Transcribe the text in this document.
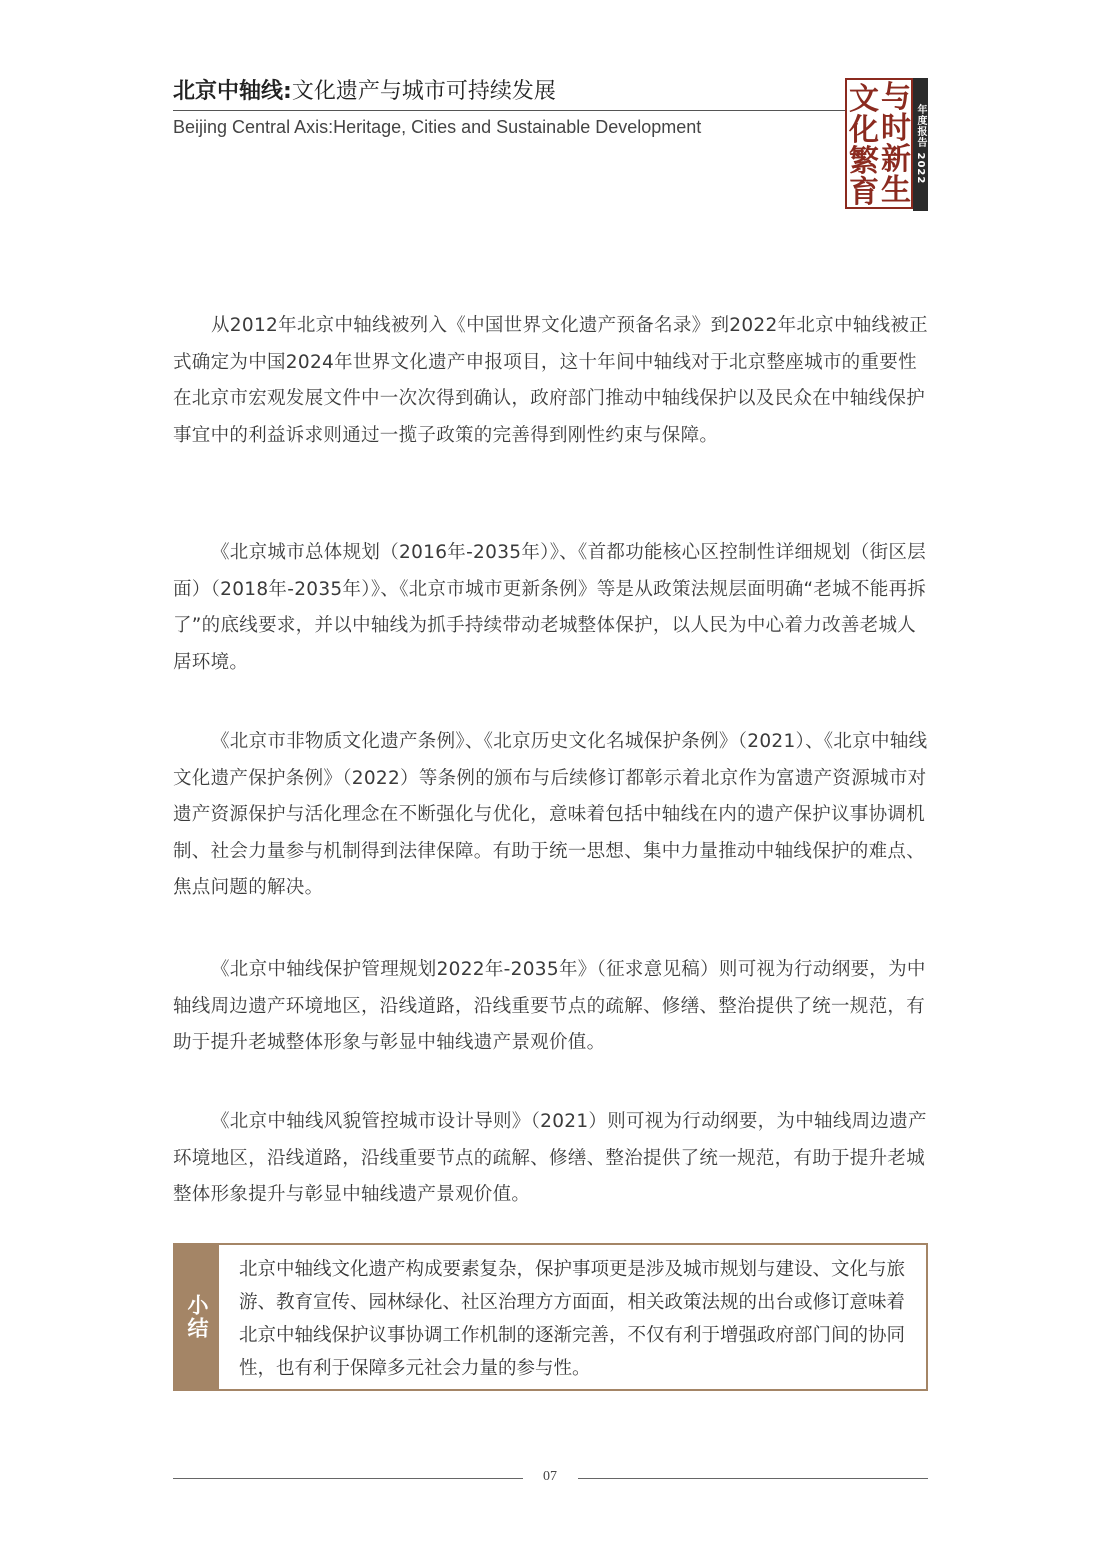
北京中轴线:文化遗产与城市可持续发展
Beijing Central Axis:Heritage, Cities and Sustainable Development
与
时
新
生
文
化
繁
育
年度报告 2022

从2012年北京中轴线被列入《中国世界文化遗产预备名录》到2022年北京中轴线被正式确定为中国2024年世界文化遗产申报项目，这十年间中轴线对于北京整座城市的重要性在北京市宏观发展文件中一次次得到确认，政府部门推动中轴线保护以及民众在中轴线保护事宜中的利益诉求则通过一揽子政策的完善得到刚性约束与保障。

《北京城市总体规划（2016年-2035年）》、《首都功能核心区控制性详细规划（街区层面）（2018年-2035年）》、《北京市城市更新条例》等是从政策法规层面明确“老城不能再拆了”的底线要求，并以中轴线为抓手持续带动老城整体保护，以人民为中心着力改善老城人居环境。

《北京市非物质文化遗产条例》、《北京历史文化名城保护条例》（2021）、《北京中轴线文化遗产保护条例》（2022）等条例的颁布与后续修订都彰示着北京作为富遗产资源城市对遗产资源保护与活化理念在不断强化与优化，意味着包括中轴线在内的遗产保护议事协调机制、社会力量参与机制得到法律保障。有助于统一思想、集中力量推动中轴线保护的难点、焦点问题的解决。

《北京中轴线保护管理规划2022年-2035年》（征求意见稿）则可视为行动纲要，为中轴线周边遗产环境地区，沿线道路，沿线重要节点的疏解、修缮、整治提供了统一规范，有助于提升老城整体形象与彰显中轴线遗产景观价值。

《北京中轴线风貌管控城市设计导则》（2021）则可视为行动纲要，为中轴线周边遗产环境地区，沿线道路，沿线重要节点的疏解、修缮、整治提供了统一规范，有助于提升老城整体形象提升与彰显中轴线遗产景观价值。

小结

北京中轴线文化遗产构成要素复杂，保护事项更是涉及城市规划与建设、文化与旅游、教育宣传、园林绿化、社区治理方方面面，相关政策法规的出台或修订意味着北京中轴线保护议事协调工作机制的逐渐完善，不仅有利于增强政府部门间的协同性，也有利于保障多元社会力量的参与性。

07
